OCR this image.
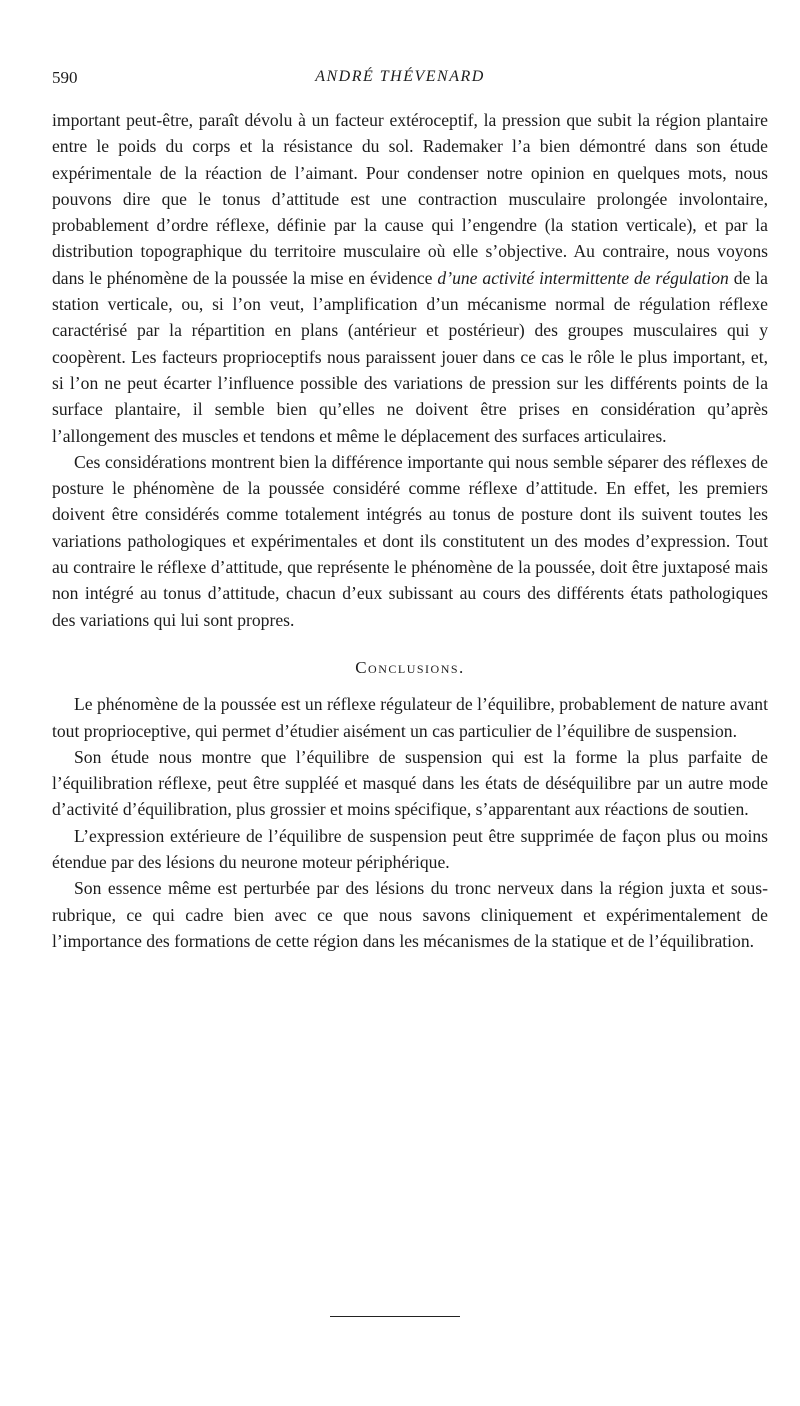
590	ANDRÉ THÉVENARD

important peut-être, paraît dévolu à un facteur extéroceptif, la pression que subit la région plantaire entre le poids du corps et la résistance du sol. Rademaker l’a bien démontré dans son étude expérimentale de la réaction de l’aimant. Pour condenser notre opinion en quelques mots, nous pouvons dire que le tonus d’attitude est une contraction musculaire prolongée involontaire, probablement d’ordre réflexe, définie par la cause qui l’engendre (la station verticale), et par la distribution topographique du territoire musculaire où elle s’objective. Au contraire, nous voyons dans le phénomène de la poussée la mise en évidence d’une activité intermittente de régulation de la station verticale, ou, si l’on veut, l’amplification d’un mécanisme normal de régulation réflexe caractérisé par la répartition en plans (antérieur et postérieur) des groupes musculaires qui y coopèrent. Les facteurs proprioceptifs nous paraissent jouer dans ce cas le rôle le plus important, et, si l’on ne peut écarter l’influence possible des variations de pression sur les différents points de la surface plantaire, il semble bien qu’elles ne doivent être prises en considération qu’après l’allongement des muscles et tendons et même le déplacement des surfaces articulaires.

Ces considérations montrent bien la différence importante qui nous semble séparer des réflexes de posture le phénomène de la poussée considéré comme réflexe d’attitude. En effet, les premiers doivent être considérés comme totalement intégrés au tonus de posture dont ils suivent toutes les variations pathologiques et expérimentales et dont ils constitutent un des modes d’expression. Tout au contraire le réflexe d’attitude, que représente le phénomène de la poussée, doit être juxtaposé mais non intégré au tonus d’attitude, chacun d’eux subissant au cours des différents états pathologiques des variations qui lui sont propres.

Conclusions.

Le phénomène de la poussée est un réflexe régulateur de l’équilibre, probablement de nature avant tout proprioceptive, qui permet d’étudier aisément un cas particulier de l’équilibre de suspension.

Son étude nous montre que l’équilibre de suspension qui est la forme la plus parfaite de l’équilibration réflexe, peut être suppléé et masqué dans les états de déséquilibre par un autre mode d’activité d’équilibration, plus grossier et moins spécifique, s’apparentant aux réactions de soutien.

L’expression extérieure de l’équilibre de suspension peut être supprimée de façon plus ou moins étendue par des lésions du neurone moteur périphérique.

Son essence même est perturbée par des lésions du tronc nerveux dans la région juxta et sous-rubrique, ce qui cadre bien avec ce que nous savons cliniquement et expérimentalement de l’importance des formations de cette région dans les mécanismes de la statique et de l’équilibration.
